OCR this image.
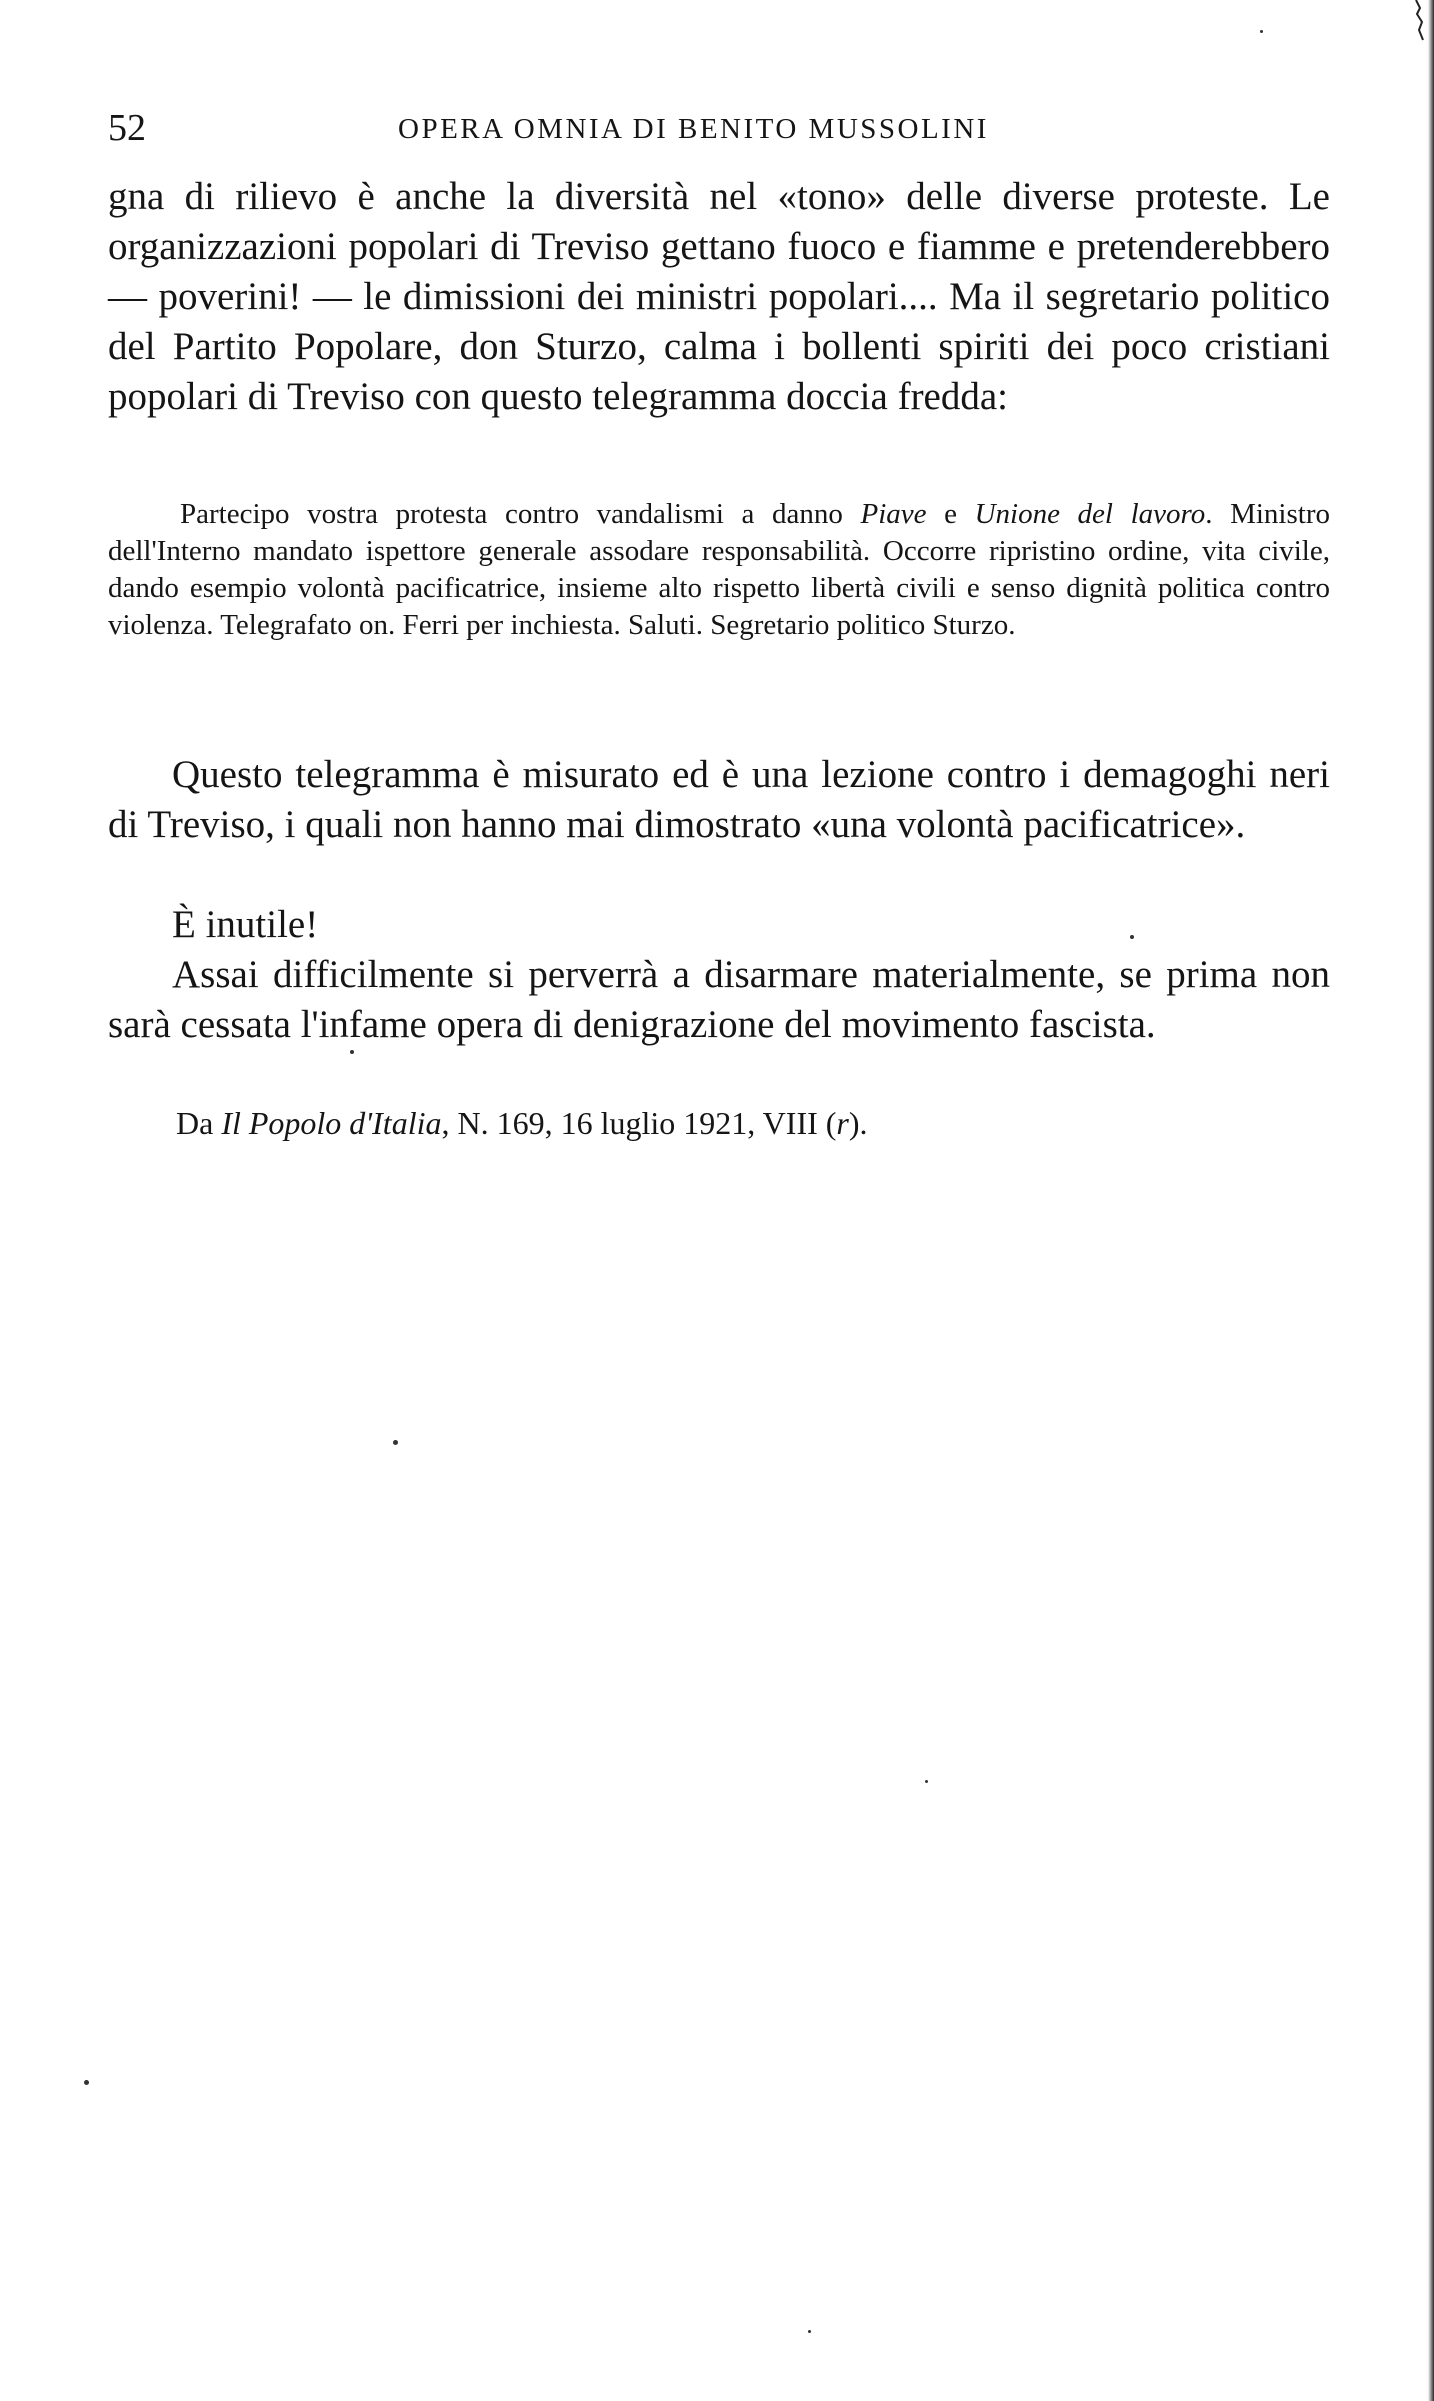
52	OPERA OMNIA DI BENITO MUSSOLINI

gna di rilievo è anche la diversità nel «tono» delle diverse proteste. Le organizzazioni popolari di Treviso gettano fuoco e fiamme e pretenderebbero — poverini! — le dimissioni dei ministri popolari.... Ma il segretario politico del Partito Popolare, don Sturzo, calma i bollenti spiriti dei poco cristiani popolari di Treviso con questo telegramma doccia fredda:

Partecipo vostra protesta contro vandalismi a danno Piave e Unione del lavoro. Ministro dell'Interno mandato ispettore generale assodare responsabilità. Occorre ripristino ordine, vita civile, dando esempio volontà pacificatrice, insieme alto rispetto libertà civili e senso dignità politica contro violenza. Telegrafato on. Ferri per inchiesta. Saluti. Segretario politico Sturzo.

Questo telegramma è misurato ed è una lezione contro i demagoghi neri di Treviso, i quali non hanno mai dimostrato «una volontà pacificatrice».

È inutile!

Assai difficilmente si perverrà a disarmare materialmente, se prima non sarà cessata l'infame opera di denigrazione del movimento fascista.

Da Il Popolo d'Italia, N. 169, 16 luglio 1921, VIII (r).
